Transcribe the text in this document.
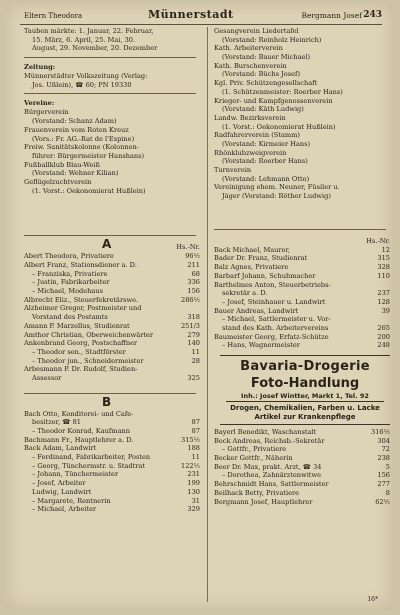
Eltern Theodora	Münnerstadt	Bergmann Josef 243
Tauben märkte: 1. Januar, 22. Februar,
15. März, 6. April, 25. Mai, 30.
August, 29. November, 20. Dezember
Zeitung:
Münnerstädter Volkszeitung (Verlag:
Jos. Ußlein), ☎ 60; PN 19330
Vereine:
Bürgerverein
(Vorstand: Schanz Adam)
Frauenverein vom Roten Kreuz
(Vors.: Fr. AG.-Rat de l'Espine)
Freiw. Sanitätskolonne (Kolonnen-
führer: Bürgermeister Hanshans)
Fußballklub Blau-Weiß
(Vorstand: Wehner Kilian)
Geflügelzuchtverein
(1. Vorst.: Oekonomierat Hußlein)
A	Hs.-Nr.
Abert Theodora, Privatiere	96½
Albert Franz, Stationsdiener a. D.	211
– Franziska, Privatiere	68
– Justin, Fabrikarbeiter	336
– Michael, Modehaus	156
Albrecht Eliz., Steuerfekretärswe.	286½
Alzheimer Gregor, Postmeister und
Vorstand des Postamts	318
Amann P. Marzellus, Studienrat	251/3
Amthor Christian, Oberweichenwärter	279
Ankenbrand Georg, Postschaffner	140
– Theodor sen., Stadtförster	11
– Theodor jun., Schneidermeister	28
Arbesmann P. Dr. Rudolf, Studien-
Assessor	325
B
Bach Otto, Konditorei- und Cafe-
besitzer, ☎ 81	87
– Theodor Konrad, Kaufmann	87
Bachmann Fr., Hauptlehrer a. D.	315½
Back Adam, Landwirt	188
– Ferdinand, Fabrikarbeiter, Posten	11
– Georg, Tünchermstr. u. Stadtrat	122½
– Johann, Tünchermeister	231
– Josef, Arbeiter	199
Ludwig, Landwirt	130
– Margarete, Rentnerin	31
– Michael, Arbeiter	329
Gesangverein Liedertafel
(Vorstand: Reinholz Heinrich)
Kath. Arbeiterverein
(Vorstand: Bauer Michael)
Kath. Burschenverein
(Vorstand: Büchs Josef)
Kgl. Priv. Schützengesellschaft
(1. Schützenmeister: Roerber Hans)
Krieger- und Kampfgenossenverein
(Vorstand: Käth Ludwig)
Landw. Bezirksverein
(1. Vorst.: Oekonomierat Hußlein)
Radfahrerverein (Stamm)
(Vorstand: Kirmeier Hans)
Rhönklubzweigverein
(Vorstand: Roerber Hans)
Turnverein
(Vorstand: Lehmann Otto)
Vereinigung ehem. Neuner, Füsiler u.
Jäger (Vorstand: Röther Ludwig)
Hs.-Nr.
Back Michael, Maurer,	12
Bader Dr. Franz, Studienrat	315
Balz Agnes, Privatiere	328
Barbarf Johann, Schuhmacher	110
Barthelmes Anton, Steuerbetriebs-
sekretär a. D.	237
– Josef, Steinhauer u. Landwirt	128
Bauer Andreas, Landwirt	39
– Michael, Sattlermeister u. Vor-
stand des Kath. Arbeitervereins	265
Baumeister Georg, Erfatz-Schütze	200
– Hans, Wagnermeister	248
Bavaria-Drogerie
Foto-Handlung
Inh.: Josef Wintter, Markt 1, Tel. 92
Drogen, Chemikalien, Farben u. Lacke
Artikel zur Krankenpflege
Bayerl Benedikt, Waschanstalt	316½
Beck Andreas, Reichsb.-Sekretär	304
– Gottfr., Privatiere	72
Becker Gottfr., Näherin	238
Beer Dr. Max, prakt. Arzt, ☎ 34	5
– Dorothea, Zahnärztenwitwe	156
Behrschmidt Hans, Sattlermeister	277
Beilhack Betty, Privatiere	8
Bergmann Josef, Hauptlehrer	62½
16*
